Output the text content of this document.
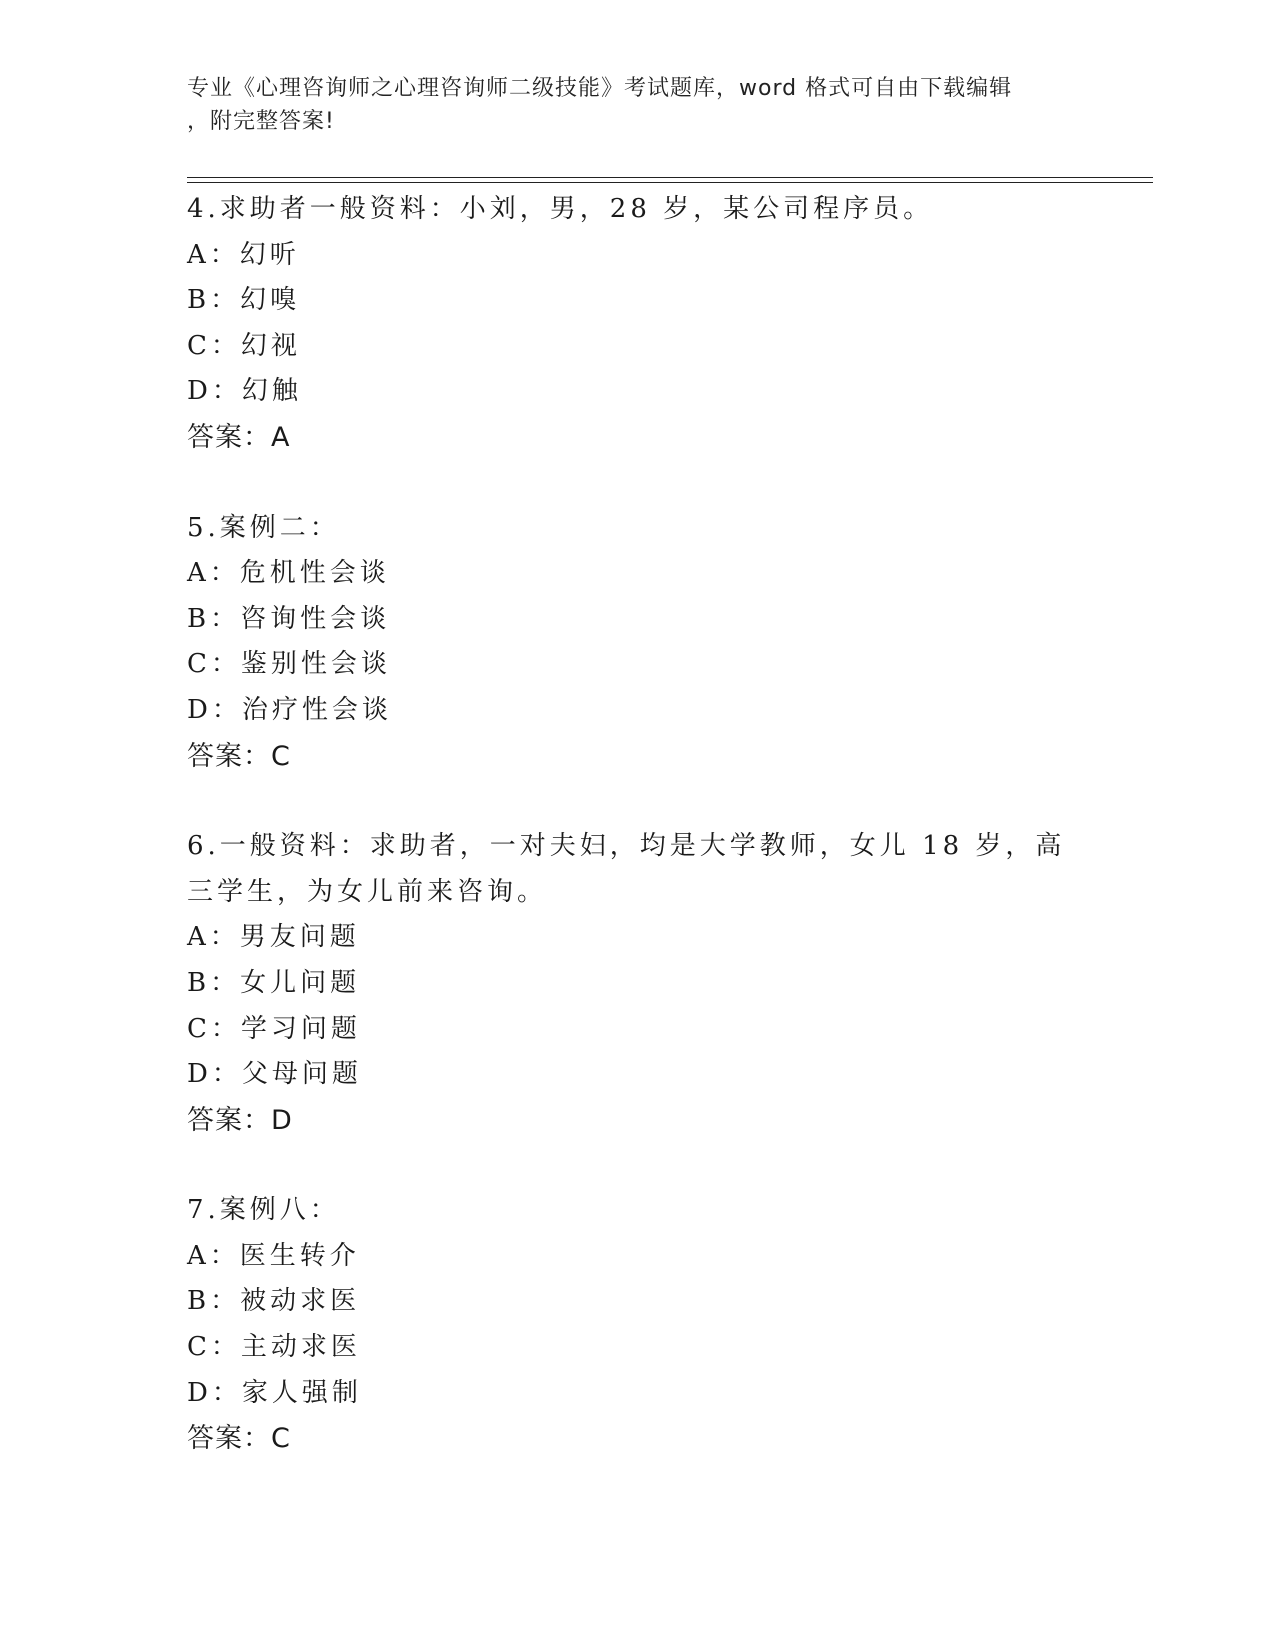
专业《心理咨询师之心理咨询师二级技能》考试题库，word 格式可自由下载编辑
，附完整答案!
4.求助者一般资料：小刘，男，28 岁，某公司程序员。
A：幻听
B：幻嗅
C：幻视
D：幻触
答案：A
5.案例二：
A：危机性会谈
B：咨询性会谈
C：鉴别性会谈
D：治疗性会谈
答案：C
6.一般资料：求助者，一对夫妇，均是大学教师，女儿 18 岁，高三学生，为女儿前来咨询。
A：男友问题
B：女儿问题
C：学习问题
D：父母问题
答案：D
7.案例八：
A：医生转介
B：被动求医
C：主动求医
D：家人强制
答案：C
